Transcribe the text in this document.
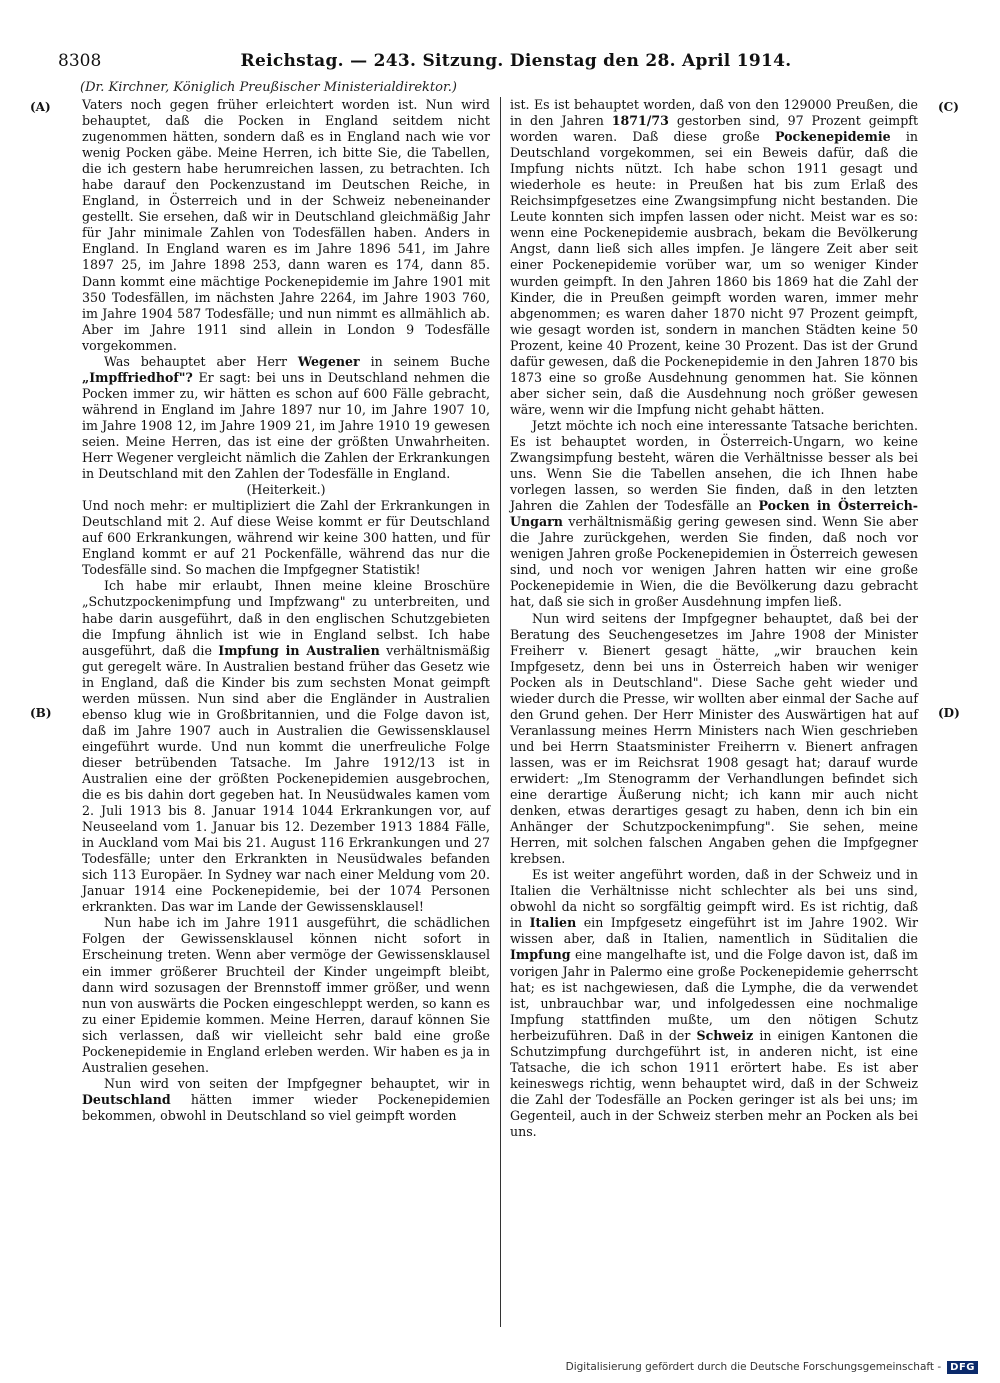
8308	Reichstag. — 243. Sitzung. Dienstag den 28. April 1914.
(Dr. Kirchner, Königlich Preußischer Ministerialdirektor.)
(A)
(B)
(C)
(D)

Vaters noch gegen früher erleichtert worden ist. Nun wird behauptet, daß die Pocken in England seitdem nicht zugenommen hätten, sondern daß es in England nach wie vor wenig Pocken gäbe. Meine Herren, ich bitte Sie, die Tabellen, die ich gestern habe herumreichen lassen, zu betrachten. Ich habe darauf den Pockenzustand im Deutschen Reiche, in England, in Österreich und in der Schweiz nebeneinander gestellt. Sie ersehen, daß wir in Deutschland gleichmäßig Jahr für Jahr minimale Zahlen von Todesfällen haben. Anders in England. In England waren es im Jahre 1896 541, im Jahre 1897 25, im Jahre 1898 253, dann waren es 174, dann 85. Dann kommt eine mächtige Pockenepidemie im Jahre 1901 mit 350 Todesfällen, im nächsten Jahre 2264, im Jahre 1903 760, im Jahre 1904 587 Todesfälle; und nun nimmt es allmählich ab. Aber im Jahre 1911 sind allein in London 9 Todesfälle vorgekommen.

Was behauptet aber Herr Wegener in seinem Buche „Impffriedhof"? Er sagt: bei uns in Deutschland nehmen die Pocken immer zu, wir hätten es schon auf 600 Fälle gebracht, während in England im Jahre 1897 nur 10, im Jahre 1907 10, im Jahre 1908 12, im Jahre 1909 21, im Jahre 1910 19 gewesen seien. Meine Herren, das ist eine der größten Unwahrheiten. Herr Wegener vergleicht nämlich die Zahlen der Erkrankungen in Deutschland mit den Zahlen der Todesfälle in England.

(Heiterkeit.)

Und noch mehr: er multipliziert die Zahl der Erkrankungen in Deutschland mit 2. Auf diese Weise kommt er für Deutschland auf 600 Erkrankungen, während wir keine 300 hatten, und für England kommt er auf 21 Pockenfälle, während das nur die Todesfälle sind. So machen die Impfgegner Statistik!

Ich habe mir erlaubt, Ihnen meine kleine Broschüre „Schutzpockenimpfung und Impfzwang" zu unterbreiten, und habe darin ausgeführt, daß in den englischen Schutzgebieten die Impfung ähnlich ist wie in England selbst. Ich habe ausgeführt, daß die Impfung in Australien verhältnismäßig gut geregelt wäre. In Australien bestand früher das Gesetz wie in England, daß die Kinder bis zum sechsten Monat geimpft werden müssen. Nun sind aber die Engländer in Australien ebenso klug wie in Großbritannien, und die Folge davon ist, daß im Jahre 1907 auch in Australien die Gewissensklausel eingeführt wurde. Und nun kommt die unerfreuliche Folge dieser betrübenden Tatsache. Im Jahre 1912/13 ist in Australien eine der größten Pockenepidemien ausgebrochen, die es bis dahin dort gegeben hat. In Neusüdwales kamen vom 2. Juli 1913 bis 8. Januar 1914 1044 Erkrankungen vor, auf Neuseeland vom 1. Januar bis 12. Dezember 1913 1884 Fälle, in Auckland vom Mai bis 21. August 116 Erkrankungen und 27 Todesfälle; unter den Erkrankten in Neusüdwales befanden sich 113 Europäer. In Sydney war nach einer Meldung vom 20. Januar 1914 eine Pockenepidemie, bei der 1074 Personen erkrankten. Das war im Lande der Gewissensklausel!

Nun habe ich im Jahre 1911 ausgeführt, die schädlichen Folgen der Gewissensklausel können nicht sofort in Erscheinung treten. Wenn aber vermöge der Gewissensklausel ein immer größerer Bruchteil der Kinder ungeimpft bleibt, dann wird sozusagen der Brennstoff immer größer, und wenn nun von auswärts die Pocken eingeschleppt werden, so kann es zu einer Epidemie kommen. Meine Herren, darauf können Sie sich verlassen, daß wir vielleicht sehr bald eine große Pockenepidemie in England erleben werden. Wir haben es ja in Australien gesehen.

Nun wird von seiten der Impfgegner behauptet, wir in Deutschland hätten immer wieder Pockenepidemien bekommen, obwohl in Deutschland so viel geimpft worden

ist. Es ist behauptet worden, daß von den 129000 Preußen, die in den Jahren 1871/73 gestorben sind, 97 Prozent geimpft worden waren. Daß diese große Pockenepidemie in Deutschland vorgekommen, sei ein Beweis dafür, daß die Impfung nichts nützt. Ich habe schon 1911 gesagt und wiederhole es heute: in Preußen hat bis zum Erlaß des Reichsimpfgesetzes eine Zwangsimpfung nicht bestanden. Die Leute konnten sich impfen lassen oder nicht. Meist war es so: wenn eine Pockenepidemie ausbrach, bekam die Bevölkerung Angst, dann ließ sich alles impfen. Je längere Zeit aber seit einer Pockenepidemie vorüber war, um so weniger Kinder wurden geimpft. In den Jahren 1860 bis 1869 hat die Zahl der Kinder, die in Preußen geimpft worden waren, immer mehr abgenommen; es waren daher 1870 nicht 97 Prozent geimpft, wie gesagt worden ist, sondern in manchen Städten keine 50 Prozent, keine 40 Prozent, keine 30 Prozent. Das ist der Grund dafür gewesen, daß die Pockenepidemie in den Jahren 1870 bis 1873 eine so große Ausdehnung genommen hat. Sie können aber sicher sein, daß die Ausdehnung noch größer gewesen wäre, wenn wir die Impfung nicht gehabt hätten.

Jetzt möchte ich noch eine interessante Tatsache berichten. Es ist behauptet worden, in Österreich-Ungarn, wo keine Zwangsimpfung besteht, wären die Verhältnisse besser als bei uns. Wenn Sie die Tabellen ansehen, die ich Ihnen habe vorlegen lassen, so werden Sie finden, daß in den letzten Jahren die Zahlen der Todesfälle an Pocken in Österreich-Ungarn verhältnismäßig gering gewesen sind. Wenn Sie aber die Jahre zurückgehen, werden Sie finden, daß noch vor wenigen Jahren große Pockenepidemien in Österreich gewesen sind, und noch vor wenigen Jahren hatten wir eine große Pockenepidemie in Wien, die die Bevölkerung dazu gebracht hat, daß sie sich in großer Ausdehnung impfen ließ.

Nun wird seitens der Impfgegner behauptet, daß bei der Beratung des Seuchengesetzes im Jahre 1908 der Minister Freiherr v. Bienert gesagt hätte, „wir brauchen kein Impfgesetz, denn bei uns in Österreich haben wir weniger Pocken als in Deutschland". Diese Sache geht wieder und wieder durch die Presse, wir wollten aber einmal der Sache auf den Grund gehen. Der Herr Minister des Auswärtigen hat auf Veranlassung meines Herrn Ministers nach Wien geschrieben und bei Herrn Staatsminister Freiherrn v. Bienert anfragen lassen, was er im Reichsrat 1908 gesagt hat; darauf wurde erwidert: „Im Stenogramm der Verhandlungen befindet sich eine derartige Äußerung nicht; ich kann mir auch nicht denken, etwas derartiges gesagt zu haben, denn ich bin ein Anhänger der Schutzpockenimpfung". Sie sehen, meine Herren, mit solchen falschen Angaben gehen die Impfgegner krebsen.

Es ist weiter angeführt worden, daß in der Schweiz und in Italien die Verhältnisse nicht schlechter als bei uns sind, obwohl da nicht so sorgfältig geimpft wird. Es ist richtig, daß in Italien ein Impfgesetz eingeführt ist im Jahre 1902. Wir wissen aber, daß in Italien, namentlich in Süditalien die Impfung eine mangelhafte ist, und die Folge davon ist, daß im vorigen Jahr in Palermo eine große Pockenepidemie geherrscht hat; es ist nachgewiesen, daß die Lymphe, die da verwendet ist, unbrauchbar war, und infolgedessen eine nochmalige Impfung stattfinden mußte, um den nötigen Schutz herbeizuführen. Daß in der Schweiz in einigen Kantonen die Schutzimpfung durchgeführt ist, in anderen nicht, ist eine Tatsache, die ich schon 1911 erörtert habe. Es ist aber keineswegs richtig, wenn behauptet wird, daß in der Schweiz die Zahl der Todesfälle an Pocken geringer ist als bei uns; im Gegenteil, auch in der Schweiz sterben mehr an Pocken als bei uns.

Digitalisierung gefördert durch die Deutsche Forschungsgemeinschaft - DFG
